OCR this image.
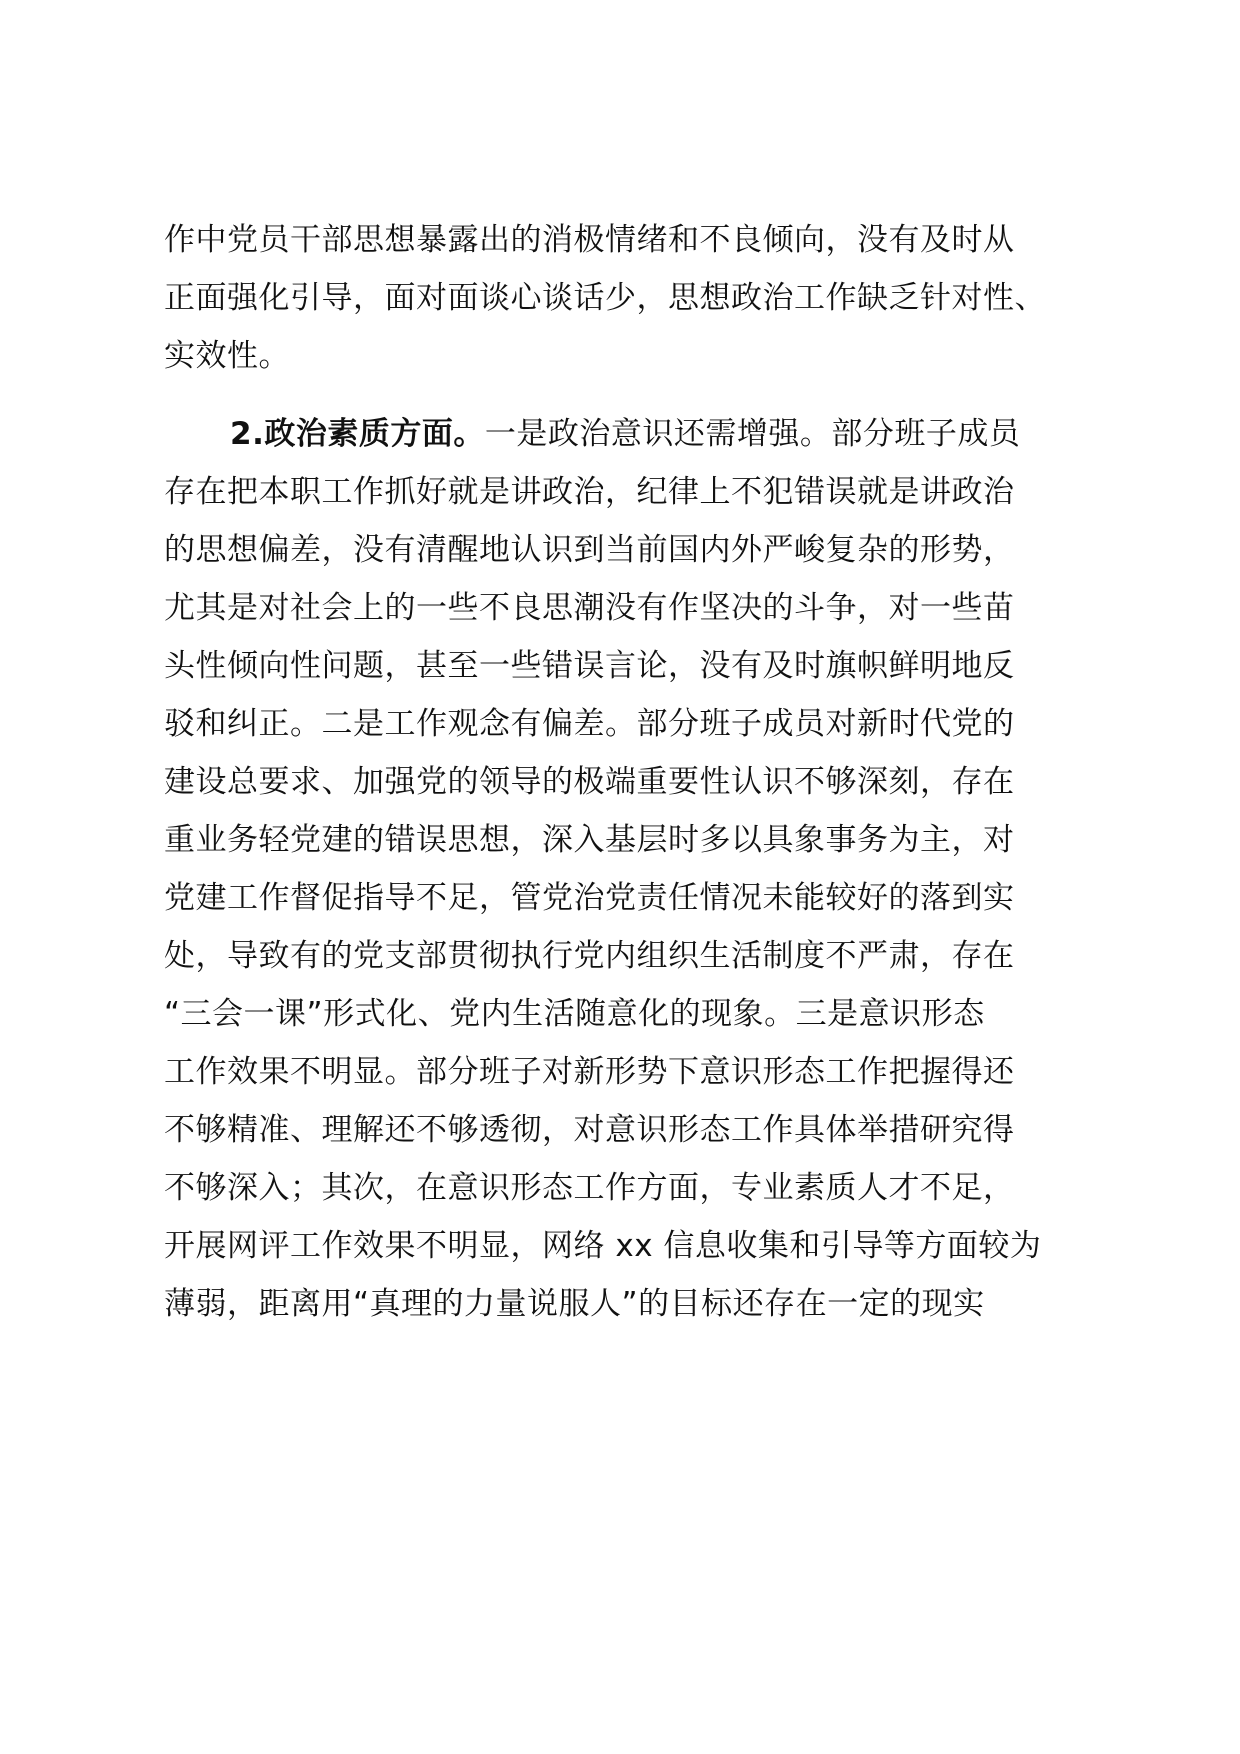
作中党员干部思想暴露出的消极情绪和不良倾向，没有及时从
正面强化引导，面对面谈心谈话少，思想政治工作缺乏针对性、
实效性。
2.政治素质方面。一是政治意识还需增强。部分班子成员
存在把本职工作抓好就是讲政治，纪律上不犯错误就是讲政治
的思想偏差，没有清醒地认识到当前国内外严峻复杂的形势，
尤其是对社会上的一些不良思潮没有作坚决的斗争，对一些苗
头性倾向性问题，甚至一些错误言论，没有及时旗帜鲜明地反
驳和纠正。二是工作观念有偏差。部分班子成员对新时代党的
建设总要求、加强党的领导的极端重要性认识不够深刻，存在
重业务轻党建的错误思想，深入基层时多以具象事务为主，对
党建工作督促指导不足，管党治党责任情况未能较好的落到实
处，导致有的党支部贯彻执行党内组织生活制度不严肃，存在
“三会一课”形式化、党内生活随意化的现象。三是意识形态
工作效果不明显。部分班子对新形势下意识形态工作把握得还
不够精准、理解还不够透彻，对意识形态工作具体举措研究得
不够深入；其次，在意识形态工作方面，专业素质人才不足，
开展网评工作效果不明显，网络 xx 信息收集和引导等方面较为
薄弱，距离用“真理的力量说服人”的目标还存在一定的现实
